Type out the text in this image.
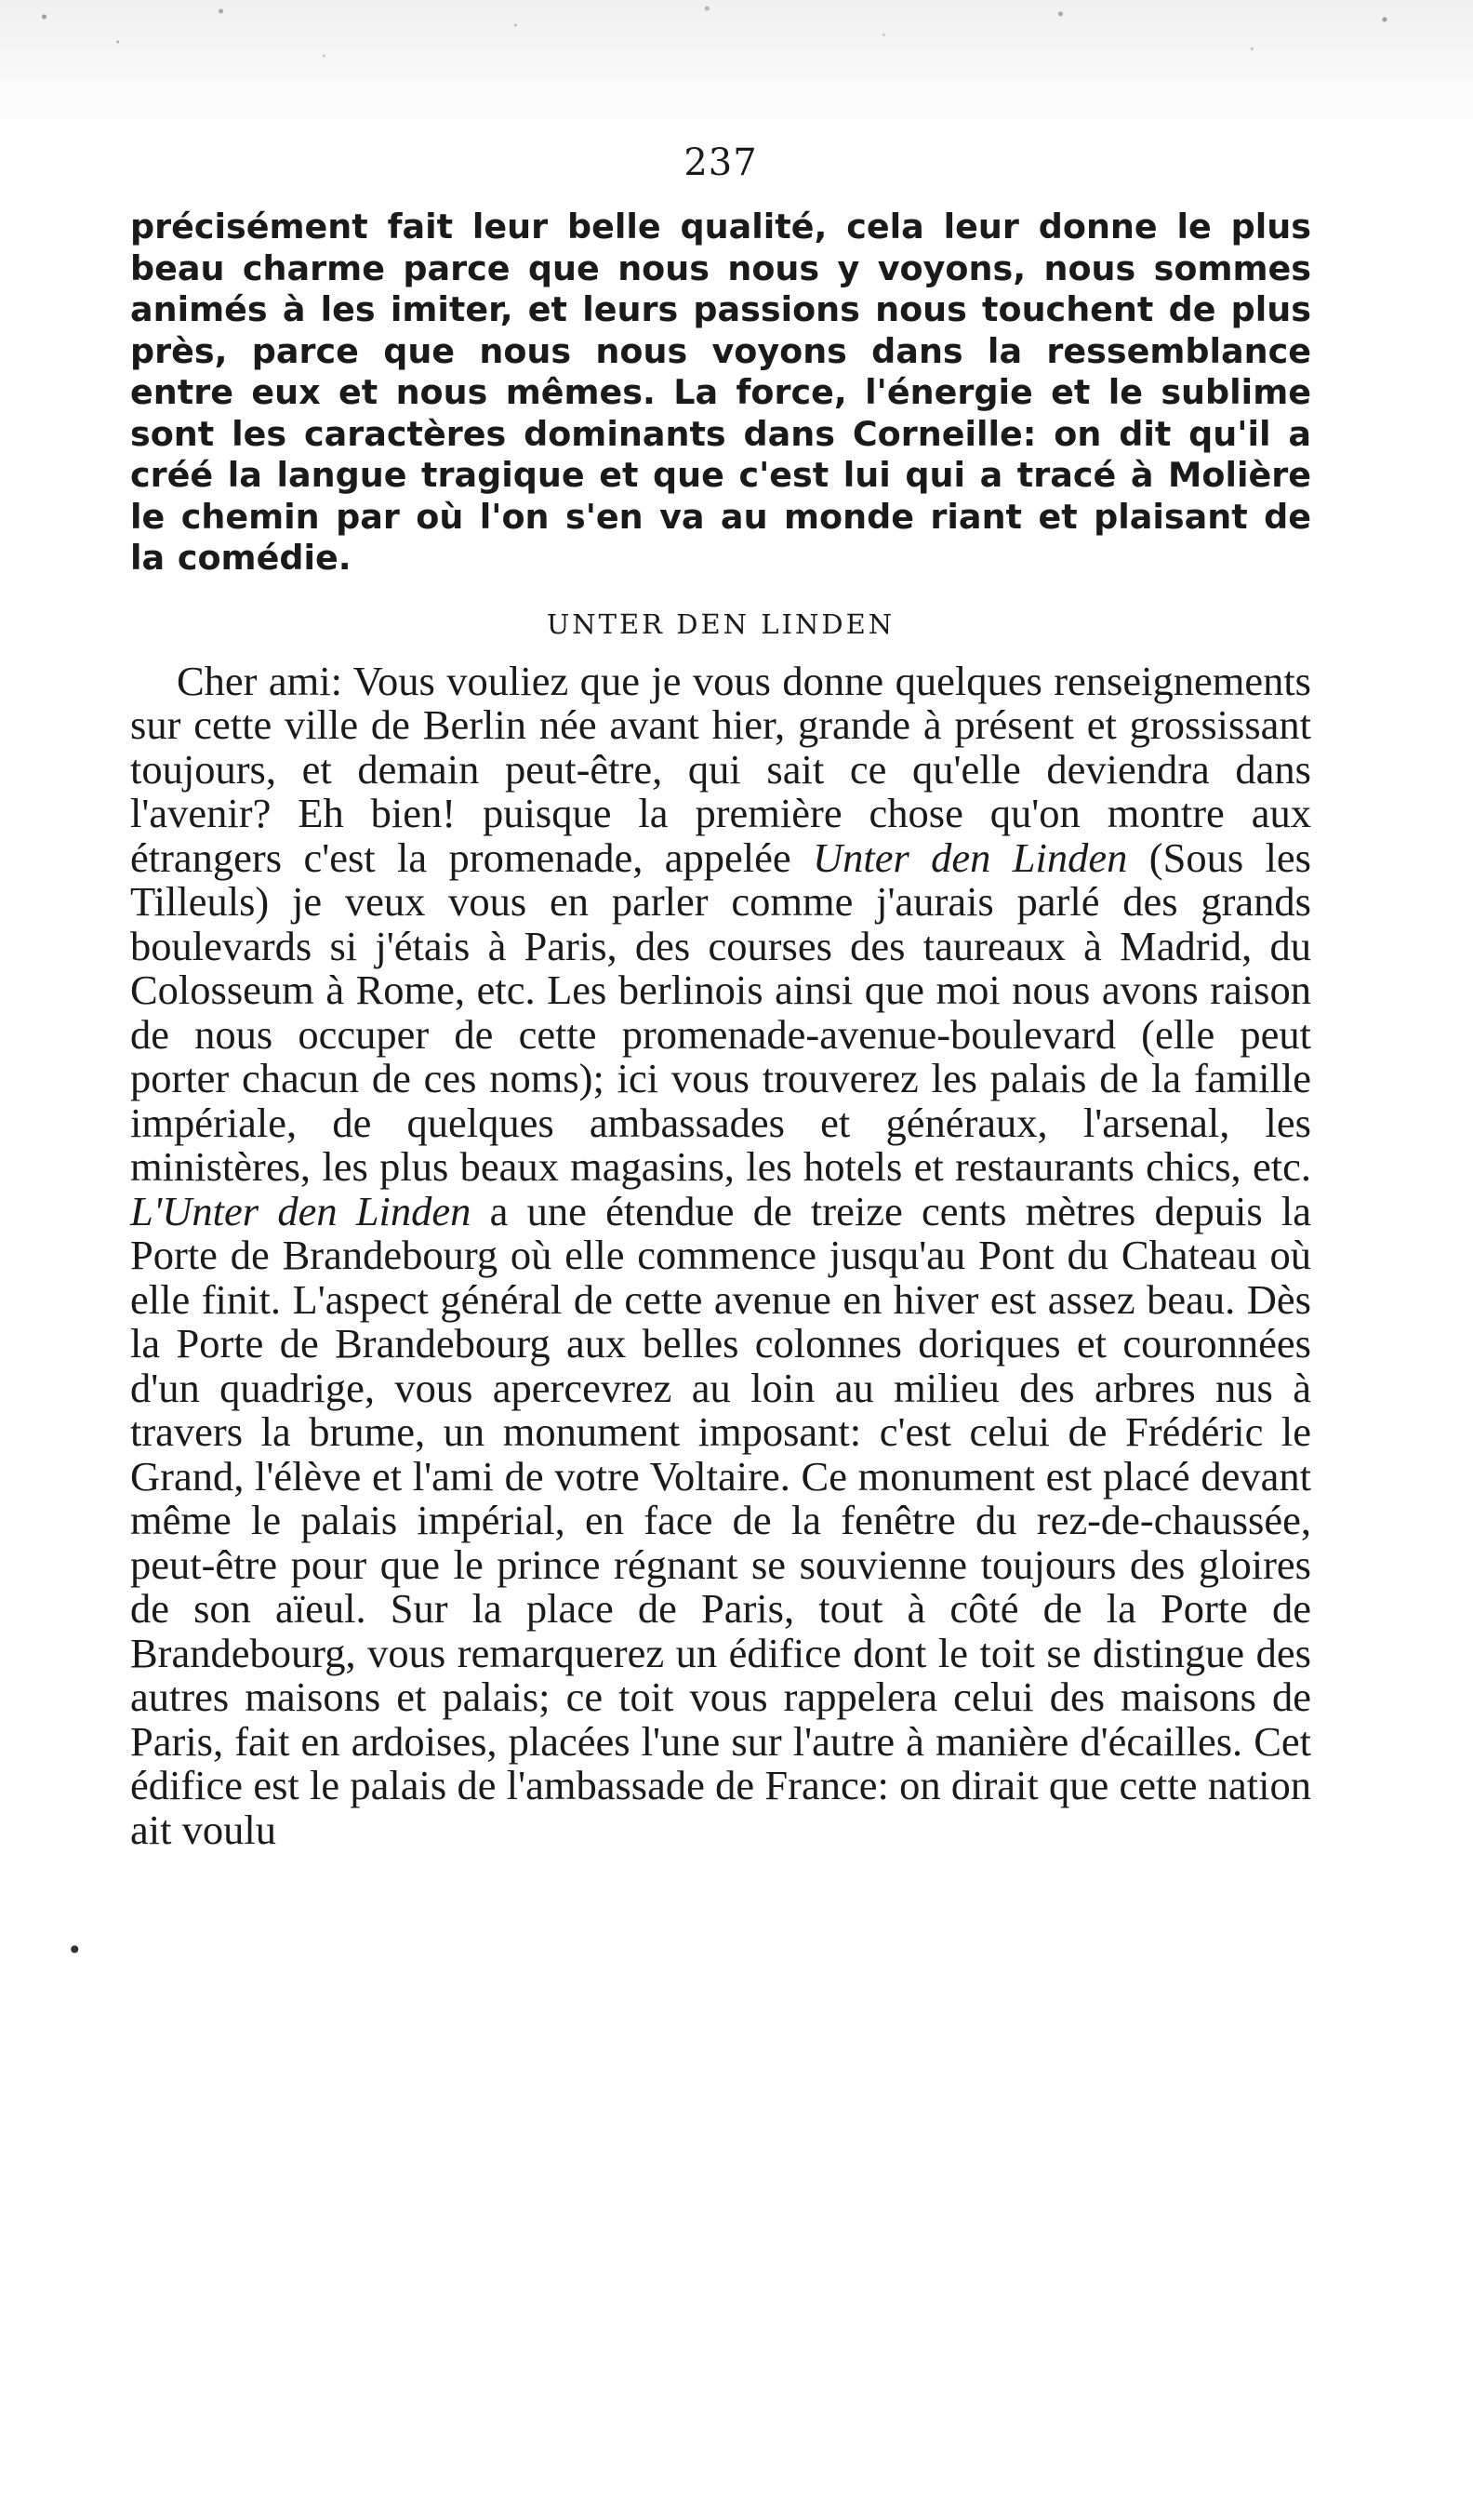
237

précisément fait leur belle qualité, cela leur donne le plus beau charme parce que nous nous y voyons, nous sommes animés à les imiter, et leurs passions nous touchent de plus près, parce que nous nous voyons dans la ressemblance entre eux et nous mêmes. La force, l'énergie et le sublime sont les caractères dominants dans Corneille: on dit qu'il a créé la langue tragique et que c'est lui qui a tracé à Molière le chemin par où l'on s'en va au monde riant et plaisant de la comédie.

UNTER DEN LINDEN

Cher ami: Vous vouliez que je vous donne quelques renseignements sur cette ville de Berlin née avant hier, grande à présent et grossissant toujours, et demain peut-être, qui sait ce qu'elle deviendra dans l'avenir? Eh bien! puisque la première chose qu'on montre aux étrangers c'est la promenade, appelée Unter den Linden (Sous les Tilleuls) je veux vous en parler comme j'aurais parlé des grands boulevards si j'étais à Paris, des courses des taureaux à Madrid, du Colosseum à Rome, etc. Les berlinois ainsi que moi nous avons raison de nous occuper de cette promenade-avenue-boulevard (elle peut porter chacun de ces noms); ici vous trouverez les palais de la famille impériale, de quelques ambassades et généraux, l'arsenal, les ministères, les plus beaux magasins, les hotels et restaurants chics, etc. L'Unter den Linden a une étendue de treize cents mètres depuis la Porte de Brandebourg où elle commence jusqu'au Pont du Chateau où elle finit. L'aspect général de cette avenue en hiver est assez beau. Dès la Porte de Brandebourg aux belles colonnes doriques et couronnées d'un quadrige, vous apercevrez au loin au milieu des arbres nus à travers la brume, un monument imposant: c'est celui de Frédéric le Grand, l'élève et l'ami de votre Voltaire. Ce monument est placé devant même le palais impérial, en face de la fenêtre du rez-de-chaussée, peut-être pour que le prince régnant se souvienne toujours des gloires de son aïeul. Sur la place de Paris, tout à côté de la Porte de Brandebourg, vous remarquerez un édifice dont le toit se distingue des autres maisons et palais; ce toit vous rappelera celui des maisons de Paris, fait en ardoises, placées l'une sur l'autre à manière d'écailles. Cet édifice est le palais de l'ambassade de France: on dirait que cette nation ait voulu

•
